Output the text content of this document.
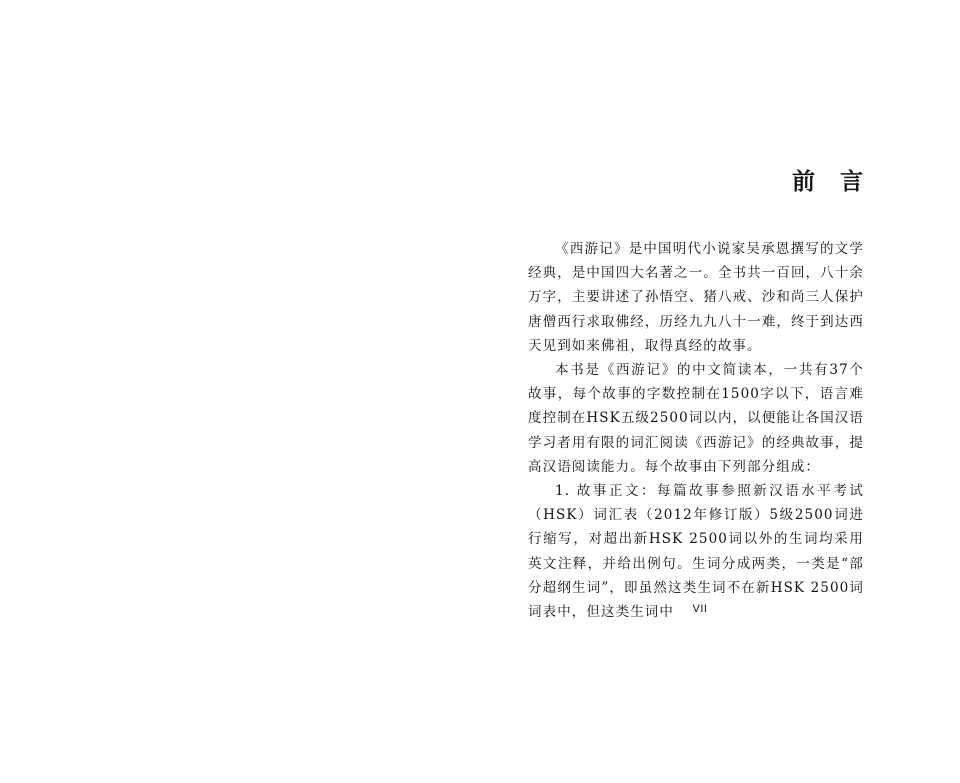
前　言

《西游记》是中国明代小说家吴承恩撰写的文学经典，是中国四大名著之一。全书共一百回，八十余万字，主要讲述了孙悟空、猪八戒、沙和尚三人保护唐僧西行求取佛经，历经九九八十一难，终于到达西天见到如来佛祖，取得真经的故事。

本书是《西游记》的中文简读本，一共有37个故事，每个故事的字数控制在1500字以下，语言难度控制在HSK五级2500词以内，以便能让各国汉语学习者用有限的词汇阅读《西游记》的经典故事，提高汉语阅读能力。每个故事由下列部分组成：

1. 故事正文：每篇故事参照新汉语水平考试（HSK）词汇表（2012年修订版）5级2500词进行缩写，对超出新HSK 2500词以外的生词均采用英文注释，并给出例句。生词分成两类，一类是“部分超纲生词”，即虽然这类生词不在新HSK 2500词词表中，但这类生词中	VII
